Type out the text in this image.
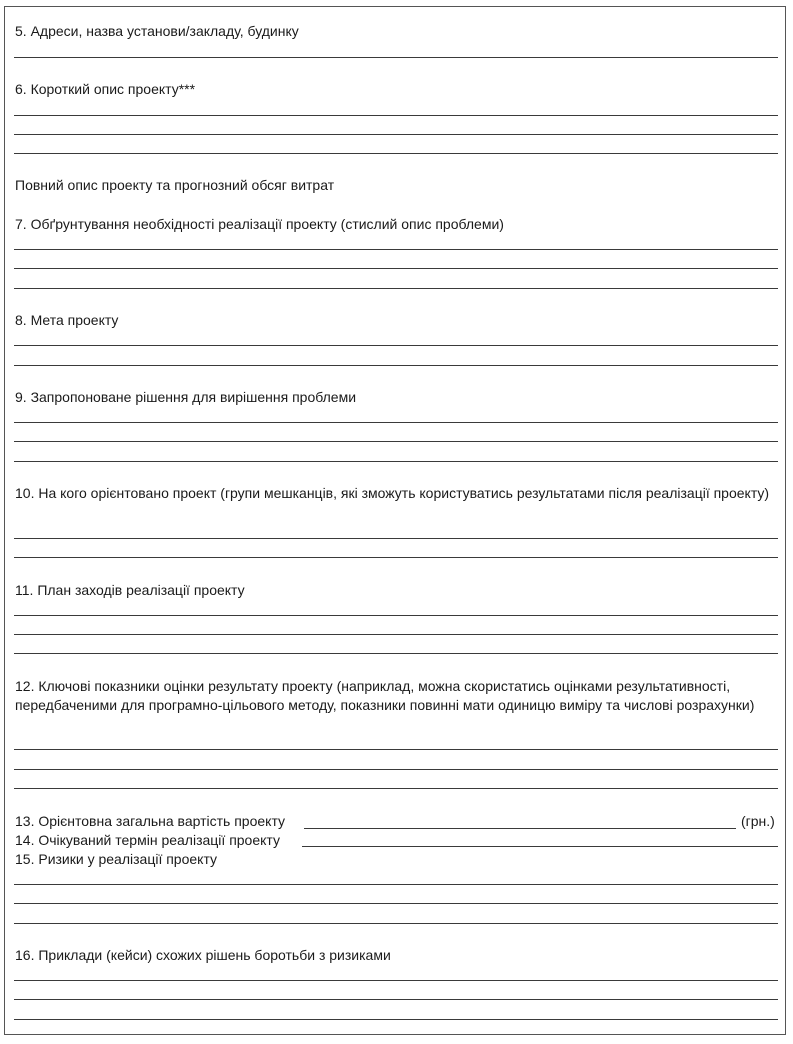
5. Адреси, назва установи/закладу, будинку
6. Короткий опис проекту***
Повний опис проекту та прогнозний обсяг витрат
7. Обґрунтування необхідності реалізації проекту (стислий опис проблеми)
8. Мета проекту
9. Запропоноване рішення для вирішення проблеми
10. На кого орієнтовано проект (групи мешканців, які зможуть користуватись результатами після реалізації проекту)
11. План заходів реалізації проекту
12. Ключові показники оцінки результату проекту (наприклад, можна скористатись оцінками результативності, передбаченими для програмно-цільового методу, показники повинні мати одиницю виміру та числові розрахунки)
13. Орієнтовна загальна вартість проекту	(грн.)
14. Очікуваний термін реалізації проекту
15. Ризики у реалізації проекту
16. Приклади (кейси) схожих рішень боротьби з ризиками
